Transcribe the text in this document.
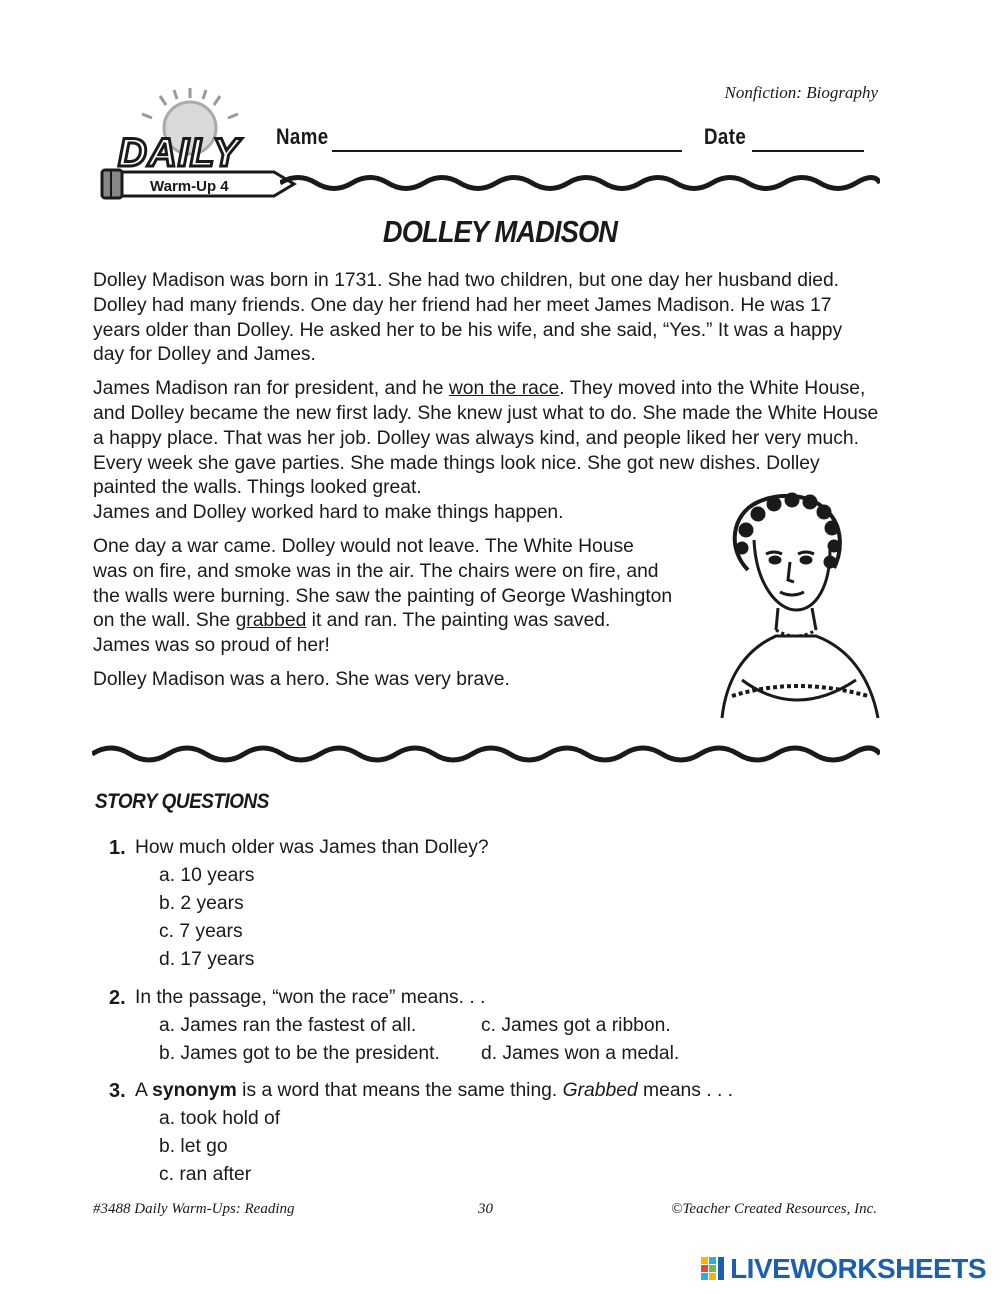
Nonfiction: Biography
DAILY
Warm-Up 4
Name	Date
DOLLEY MADISON

Dolley Madison was born in 1731. She had two children, but one day her husband died. Dolley had many friends. One day her friend had her meet James Madison. He was 17 years older than Dolley. He asked her to be his wife, and she said, “Yes.” It was a happy day for Dolley and James.

James Madison ran for president, and he won the race. They moved into the White House, and Dolley became the new first lady. She knew just what to do. She made the White House a happy place. That was her job. Dolley was always kind, and people liked her very much. Every week she gave parties. She made things look nice. She got new dishes. Dolley painted the walls. Things looked great.
James and Dolley worked hard to make things happen.

One day a war came. Dolley would not leave. The White House
was on fire, and smoke was in the air. The chairs were on fire, and
the walls were burning. She saw the painting of George Washington
on the wall. She grabbed it and ran. The painting was saved.
James was so proud of her!

Dolley Madison was a hero. She was very brave.

STORY QUESTIONS
1. How much older was James than Dolley?
a. 10 years
b. 2 years
c. 7 years
d. 17 years
2. In the passage, “won the race” means. . .
a. James ran the fastest of all.	c. James got a ribbon.
b. James got to be the president.	d. James won a medal.
3. A synonym is a word that means the same thing. Grabbed means . . .
a. took hold of
b. let go
c. ran after
#3488 Daily Warm-Ups: Reading	30	©Teacher Created Resources, Inc.
LIVEWORKSHEETS
